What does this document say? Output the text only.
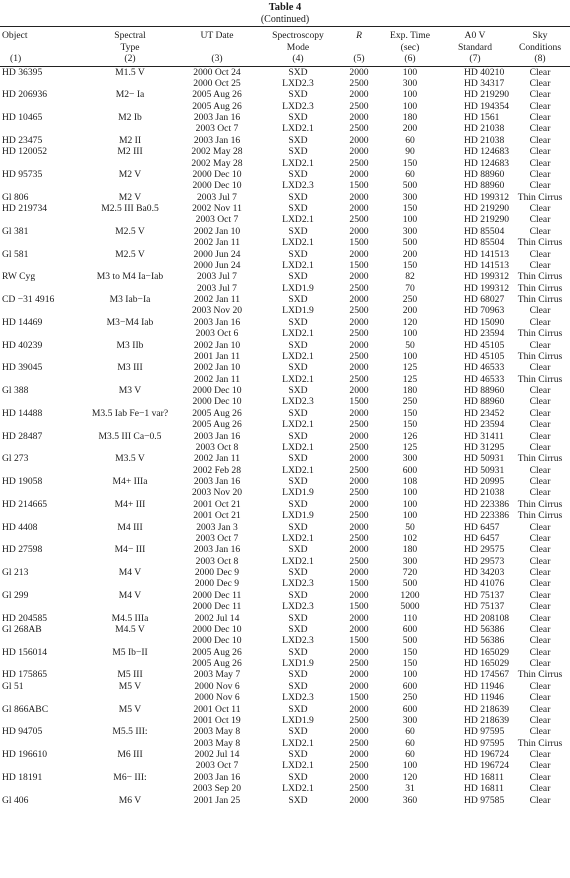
Table 4
(Continued)
Object	Spectral	UT Date	Spectroscopy	R	Exp. Time	A0 V	Sky
	Type		Mode		(sec)	Standard	Conditions
(1)	(2)	(3)	(4)	(5)	(6)	(7)	(8)
HD 36395	M1.5 V	2000 Oct 24	SXD	2000	100	HD 40210	Clear
		2000 Oct 25	LXD2.3	2500	300	HD 34317	Clear
HD 206936	M2− Ia	2005 Aug 26	SXD	2000	100	HD 219290	Clear
		2005 Aug 26	LXD2.3	2500	100	HD 194354	Clear
HD 10465	M2 Ib	2003 Jan 16	SXD	2000	180	HD 1561	Clear
		2003 Oct 7	LXD2.1	2500	200	HD 21038	Clear
HD 23475	M2 II	2003 Jan 16	SXD	2000	60	HD 21038	Clear
HD 120052	M2 III	2002 May 28	SXD	2000	90	HD 124683	Clear
		2002 May 28	LXD2.1	2500	150	HD 124683	Clear
HD 95735	M2 V	2000 Dec 10	SXD	2000	60	HD 88960	Clear
		2000 Dec 10	LXD2.3	1500	500	HD 88960	Clear
Gl 806	M2 V	2003 Jul 7	SXD	2000	300	HD 199312	Thin Cirrus
HD 219734	M2.5 III Ba0.5	2002 Nov 11	SXD	2000	150	HD 219290	Clear
		2003 Oct 7	LXD2.1	2500	100	HD 219290	Clear
Gl 381	M2.5 V	2002 Jan 10	SXD	2000	300	HD 85504	Clear
		2002 Jan 11	LXD2.1	1500	500	HD 85504	Thin Cirrus
Gl 581	M2.5 V	2000 Jun 24	SXD	2000	200	HD 141513	Clear
		2000 Jun 24	LXD2.1	1500	150	HD 141513	Clear
RW Cyg	M3 to M4 Ia−Iab	2003 Jul 7	SXD	2000	82	HD 199312	Thin Cirrus
		2003 Jul 7	LXD1.9	2500	70	HD 199312	Thin Cirrus
CD −31 4916	M3 Iab−Ia	2002 Jan 11	SXD	2000	250	HD 68027	Thin Cirrus
		2003 Nov 20	LXD1.9	2500	200	HD 70963	Clear
HD 14469	M3−M4 Iab	2003 Jan 16	SXD	2000	120	HD 15090	Clear
		2003 Oct 6	LXD2.1	2500	100	HD 23594	Thin Cirrus
HD 40239	M3 IIb	2002 Jan 10	SXD	2000	50	HD 45105	Clear
		2001 Jan 11	LXD2.1	2500	100	HD 45105	Thin Cirrus
HD 39045	M3 III	2002 Jan 10	SXD	2000	125	HD 46533	Clear
		2002 Jan 11	LXD2.1	2500	125	HD 46533	Thin Cirrus
Gl 388	M3 V	2000 Dec 10	SXD	2000	180	HD 88960	Clear
		2000 Dec 10	LXD2.3	1500	250	HD 88960	Clear
HD 14488	M3.5 Iab Fe−1 var?	2005 Aug 26	SXD	2000	150	HD 23452	Clear
		2005 Aug 26	LXD2.1	2500	150	HD 23594	Clear
HD 28487	M3.5 III Ca−0.5	2003 Jan 16	SXD	2000	126	HD 31411	Clear
		2003 Oct 8	LXD2.1	2500	125	HD 31295	Clear
Gl 273	M3.5 V	2002 Jan 11	SXD	2000	300	HD 50931	Thin Cirrus
		2002 Feb 28	LXD2.1	2500	600	HD 50931	Clear
HD 19058	M4+ IIIa	2003 Jan 16	SXD	2000	108	HD 20995	Clear
		2003 Nov 20	LXD1.9	2500	100	HD 21038	Clear
HD 214665	M4+ III	2001 Oct 21	SXD	2000	100	HD 223386	Thin Cirrus
		2001 Oct 21	LXD1.9	2500	100	HD 223386	Thin Cirrus
HD 4408	M4 III	2003 Jan 3	SXD	2000	50	HD 6457	Clear
		2003 Oct 7	LXD2.1	2500	102	HD 6457	Clear
HD 27598	M4− III	2003 Jan 16	SXD	2000	180	HD 29575	Clear
		2003 Oct 8	LXD2.1	2500	300	HD 29573	Clear
Gl 213	M4 V	2000 Dec 9	SXD	2000	720	HD 34203	Clear
		2000 Dec 9	LXD2.3	1500	500	HD 41076	Clear
Gl 299	M4 V	2000 Dec 11	SXD	2000	1200	HD 75137	Clear
		2000 Dec 11	LXD2.3	1500	5000	HD 75137	Clear
HD 204585	M4.5 IIIa	2002 Jul 14	SXD	2000	110	HD 208108	Clear
Gl 268AB	M4.5 V	2000 Dec 10	SXD	2000	600	HD 56386	Clear
		2000 Dec 10	LXD2.3	1500	500	HD 56386	Clear
HD 156014	M5 Ib−II	2005 Aug 26	SXD	2000	150	HD 165029	Clear
		2005 Aug 26	LXD1.9	2500	150	HD 165029	Clear
HD 175865	M5 III	2003 May 7	SXD	2000	100	HD 174567	Thin Cirrus
Gl 51	M5 V	2000 Nov 6	SXD	2000	600	HD 11946	Clear
		2000 Nov 6	LXD2.3	1500	250	HD 11946	Clear
Gl 866ABC	M5 V	2001 Oct 11	SXD	2000	600	HD 218639	Clear
		2001 Oct 19	LXD1.9	2500	300	HD 218639	Clear
HD 94705	M5.5 III:	2003 May 8	SXD	2000	60	HD 97595	Clear
		2003 May 8	LXD2.1	2500	60	HD 97595	Thin Cirrus
HD 196610	M6 III	2002 Jul 14	SXD	2000	60	HD 196724	Clear
		2003 Oct 7	LXD2.1	2500	100	HD 196724	Clear
HD 18191	M6− III:	2003 Jan 16	SXD	2000	120	HD 16811	Clear
		2003 Sep 20	LXD2.1	2500	31	HD 16811	Clear
Gl 406	M6 V	2001 Jan 25	SXD	2000	360	HD 97585	Clear
